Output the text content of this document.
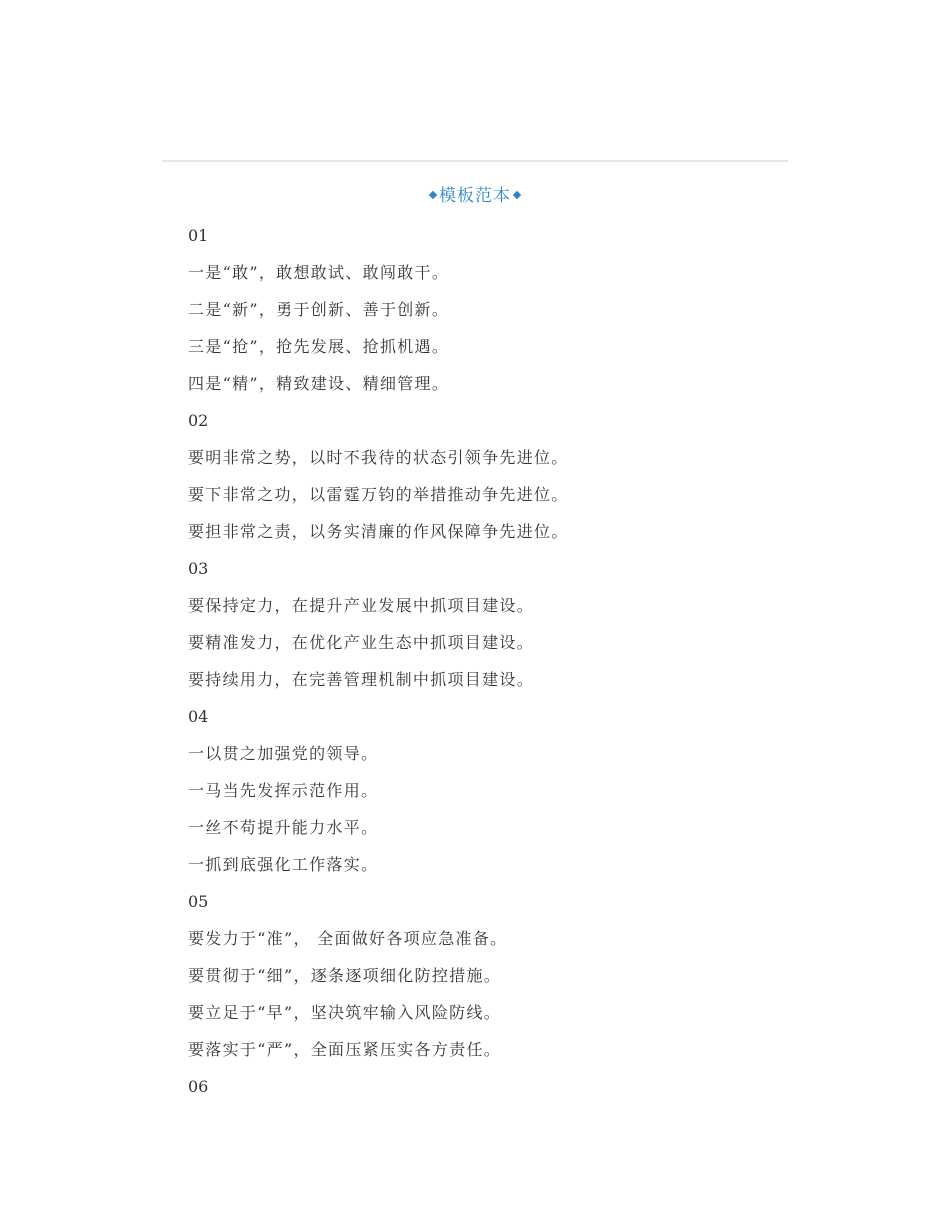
模板范本
01
一是“敢”，敢想敢试、敢闯敢干。
二是“新”，勇于创新、善于创新。
三是“抢”，抢先发展、抢抓机遇。
四是“精”，精致建设、精细管理。
02
要明非常之势，以时不我待的状态引领争先进位。
要下非常之功，以雷霆万钧的举措推动争先进位。
要担非常之责，以务实清廉的作风保障争先进位。
03
要保持定力，在提升产业发展中抓项目建设。
要精准发力，在优化产业生态中抓项目建设。
要持续用力，在完善管理机制中抓项目建设。
04
一以贯之加强党的领导。
一马当先发挥示范作用。
一丝不苟提升能力水平。
一抓到底强化工作落实。
05
要发力于“准”， 全面做好各项应急准备。
要贯彻于“细”，逐条逐项细化防控措施。
要立足于“早”，坚决筑牢输入风险防线。
要落实于“严”，全面压紧压实各方责任。
06
